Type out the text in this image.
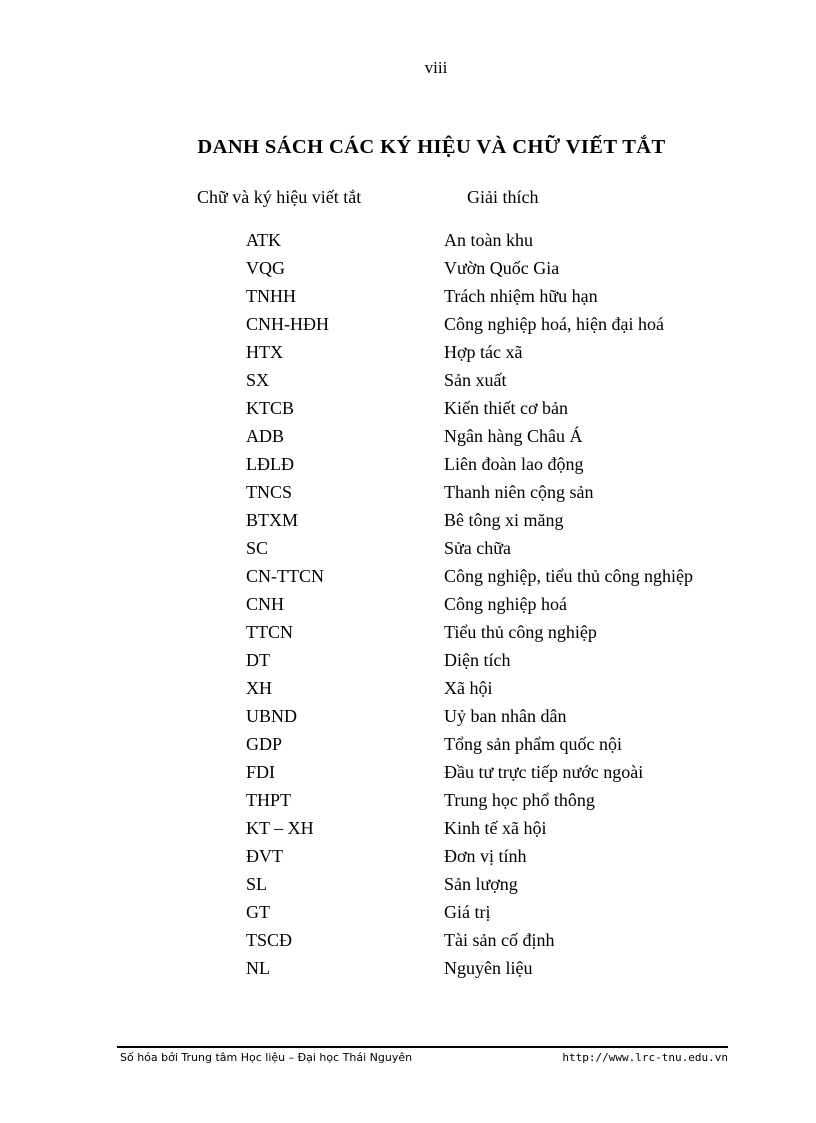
viii
DANH SÁCH CÁC KÝ HIỆU VÀ CHỮ VIẾT TẮT
Chữ và ký hiệu viết tắt	Giải thích
ATK	An toàn khu
VQG	Vườn Quốc Gia
TNHH	Trách nhiệm hữu hạn
CNH-HĐH	Công nghiệp hoá, hiện đại hoá
HTX	Hợp tác xã
SX	Sản xuất
KTCB	Kiến thiết cơ bản
ADB	Ngân hàng Châu Á
LĐLĐ	Liên đoàn lao động
TNCS	Thanh niên cộng sản
BTXM	Bê tông xi măng
SC	Sửa chữa
CN-TTCN	Công nghiệp, tiểu thủ công nghiệp
CNH	Công nghiệp hoá
TTCN	Tiểu thủ công nghiệp
DT	Diện tích
XH	Xã hội
UBND	Uỷ ban nhân dân
GDP	Tổng sản phẩm quốc nội
FDI	Đầu tư trực tiếp nước ngoài
THPT	Trung học phổ thông
KT – XH	Kinh tế xã hội
ĐVT	Đơn vị tính
SL	Sản lượng
GT	Giá trị
TSCĐ	Tài sản cố định
NL	Nguyên liệu
Số hóa bởi Trung tâm Học liệu – Đại học Thái Nguyên	http://www.lrc-tnu.edu.vn
